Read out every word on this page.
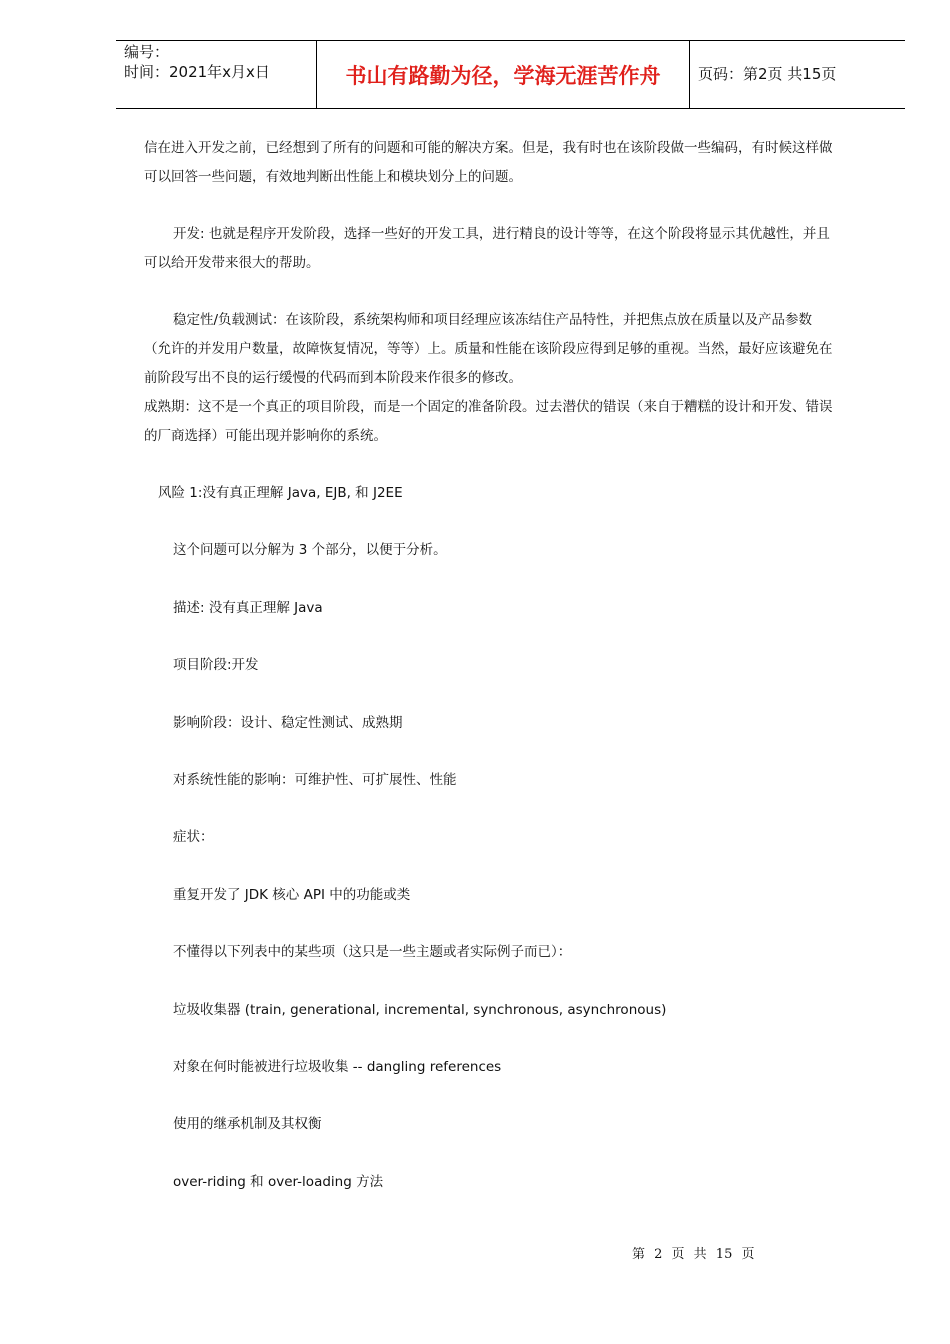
编号：
时间：2021年x月x日	书山有路勤为径，学海无涯苦作舟	页码：第2页 共15页
信在进入开发之前，已经想到了所有的问题和可能的解决方案。但是，我有时也在该阶段做一些编码，有时候这样做
可以回答一些问题，有效地判断出性能上和模块划分上的问题。
开发: 也就是程序开发阶段，选择一些好的开发工具，进行精良的设计等等，在这个阶段将显示其优越性，并且
可以给开发带来很大的帮助。
稳定性/负载测试：在该阶段，系统架构师和项目经理应该冻结住产品特性，并把焦点放在质量以及产品参数
（允许的并发用户数量，故障恢复情况，等等）上。质量和性能在该阶段应得到足够的重视。当然，最好应该避免在
前阶段写出不良的运行缓慢的代码而到本阶段来作很多的修改。
成熟期：这不是一个真正的项目阶段，而是一个固定的准备阶段。过去潜伏的错误（来自于糟糕的设计和开发、错误
的厂商选择）可能出现并影响你的系统。
风险 1:没有真正理解 Java, EJB, 和 J2EE
这个问题可以分解为 3 个部分，以便于分析。
描述: 没有真正理解 Java
项目阶段:开发
影响阶段：设计、稳定性测试、成熟期
对系统性能的影响：可维护性、可扩展性、性能
症状：
重复开发了 JDK 核心 API 中的功能或类
不懂得以下列表中的某些项（这只是一些主题或者实际例子而已）：
垃圾收集器 (train, generational, incremental, synchronous, asynchronous)
对象在何时能被进行垃圾收集 -- dangling references
使用的继承机制及其权衡
over-riding 和 over-loading 方法
第 2 页 共 15 页
